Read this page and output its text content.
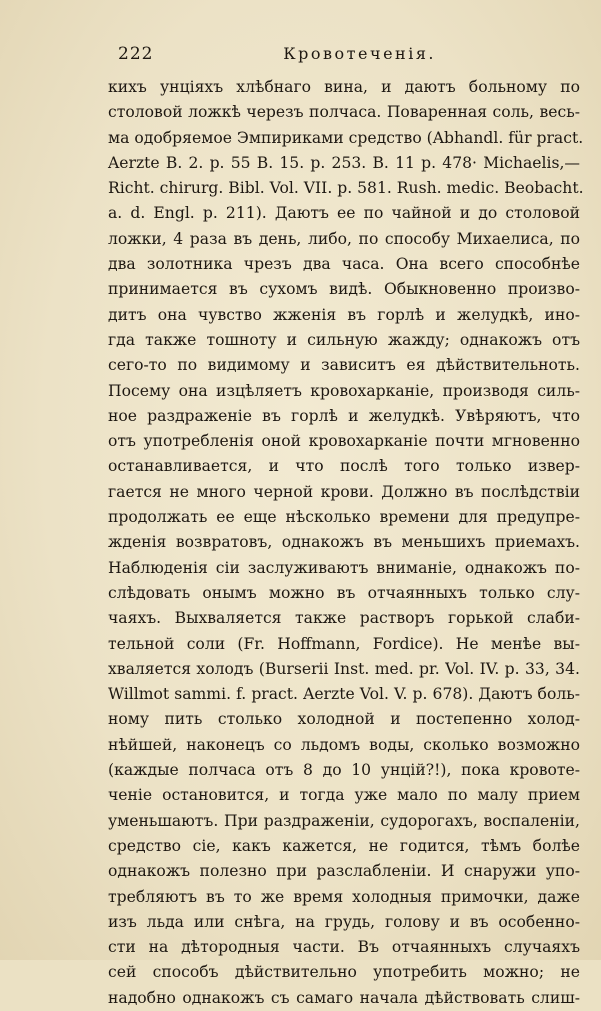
222	Кровотеченія.
кихъ унціяхъ хлѣбнаго вина, и даютъ больному по
столовой ложкѣ черезъ полчаса. Поваренная соль, весь-
ма одобряемое Эмпириками средство (Abhandl. für pract.
Aerzte B. 2. p. 55 B. 15. p. 253. B. 11 p. 478· Michaelis,—
Richt. chirurg. Bibl. Vol. VII. p. 581. Rush. medic. Beobacht.
a. d. Engl. p. 211). Даютъ ее по чайной и до столовой
ложки, 4 раза въ день, либо, по способу Михаелиса, по
два золотника чрезъ два часа. Она всего способнѣе
принимается въ сухомъ видѣ. Обыкновенно произво-
дитъ она чувство жженія въ горлѣ и желудкѣ, ино-
гда также тошноту и сильную жажду; однакожъ отъ
сего-то по видимому и зависитъ ея дѣйствительноть.
Посему она изцѣляетъ кровохарканіе, производя силь-
ное раздраженіе въ горлѣ и желудкѣ. Увѣряютъ, что
отъ употребленія оной кровохарканіе почти мгновенно
останавливается, и что послѣ того только извер-
гается не много черной крови. Должно въ послѣдствіи
продолжать ее еще нѣсколько времени для предупре-
жденія возвратовъ, однакожъ въ меньшихъ приемахъ.
Наблюденія сіи заслуживаютъ вниманіе, однакожъ по-
слѣдовать онымъ можно въ отчаянныхъ только слу-
чаяхъ. Выхваляется также растворъ горькой слаби-
тельной соли (Fr. Hoffmann, Fordice). Не менѣе вы-
хваляется холодъ (Burserii Inst. med. pr. Vol. IV. p. 33, 34.
Willmot sammi. f. pract. Aerzte Vol. V. p. 678). Даютъ боль-
ному пить столько холодной и постепенно холод-
нѣйшей, наконецъ со льдомъ воды, сколько возможно
(каждые полчаса отъ 8 до 10 унцій?!), пока кровоте-
ченіе остановится, и тогда уже мало по малу прием
уменьшаютъ. При раздраженіи, судорогахъ, воспаленіи,
средство сіе, какъ кажется, не годится, тѣмъ болѣе
однакожъ полезно при разслабленіи. И снаружи упо-
требляютъ въ то же время холодныя примочки, даже
изъ льда или снѣга, на грудь, голову и въ особенно-
сти на дѣтородныя части. Въ отчаянныхъ случаяхъ
сей способъ дѣйствительно употребить можно; не
надобно однакожъ съ самаго начала дѣйствовать слиш-
